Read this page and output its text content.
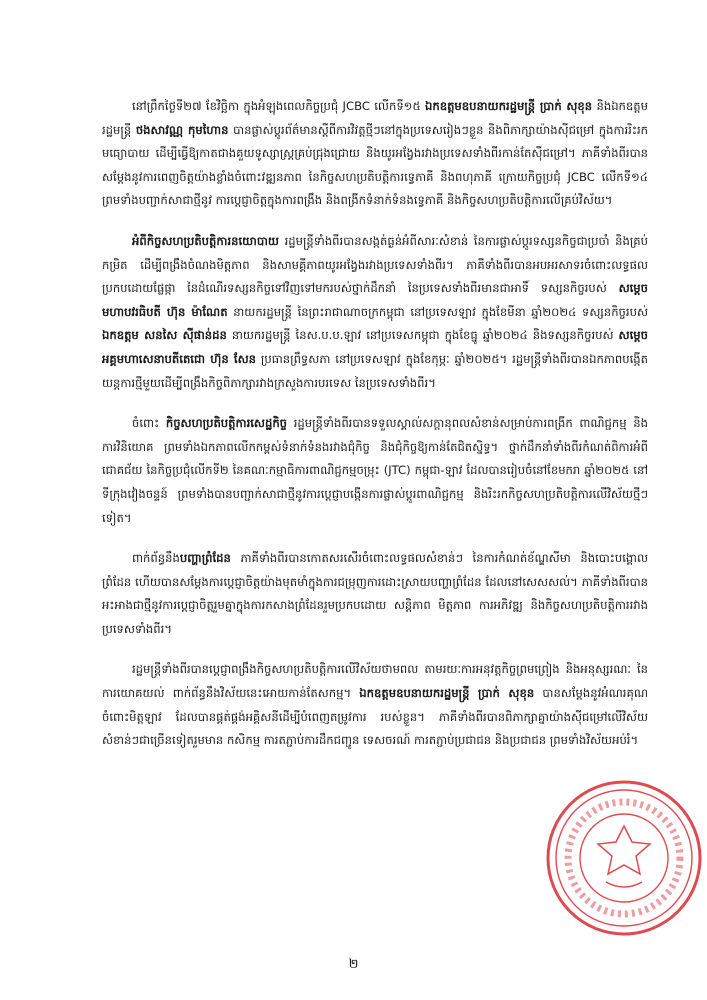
នៅព្រឹកថ្ងៃទី២៧ ខែវិច្ឆិកា ក្នុងអំឡុងពេលកិច្ចប្រជុំ JCBC លើកទី១៥ ឯកឧត្តមឧបនាយករដ្ឋមន្ត្រី ប្រាក់ សុខុន និងឯកឧត្តមរដ្ឋមន្ត្រី ថងសាវណ្ណ កុមហៃាន បានផ្លាស់ប្តូរព័ត៌មានស្តីពីការវិវត្តថ្មីៗនៅក្នុងប្រទេសរៀងៗខ្លួន និងពិភាក្សាយ៉ាងស៊ីជម្រៅ ក្នុងការរិះរកមធ្យោបាយ ដើម្បីធ្វើឱ្យកាតជាងគួយទូស្សាស្ត្រគ្រប់ជ្រុងជ្រោយ និងយូរអង្វែងរវាងប្រទេសទាំងពីរកាន់តែស៊ីជម្រៅ។ ភាគីទាំងពីរបានសម្តែងនូវការពេញចិត្តយ៉ាងខ្លាំងចំពោះវឌ្ឍនភាព នៃកិច្ចសហប្រតិបត្តិការទ្វេភាគី និងពហុភាគី ក្រោយកិច្ចប្រជុំ JCBC លើកទី១៤ ព្រមទាំងបញ្ជាក់សាជាថ្មីនូវ ការប្តេជ្ញាចិត្តក្នុងការពង្រឹង និងពង្រីកទំនាក់ទំនងទ្វេភាគី និងកិច្ចសហប្រតិបត្តិការលើគ្រប់វិស័យ។

អំពីកិច្ចសហប្រតិបត្តិការនយោបាយ រដ្ឋមន្ត្រីទាំងពីរបានសង្កត់ធ្ងន់អំពីសារៈសំខាន់ នៃការផ្លាស់ប្តូរទស្សនកិច្ចជាប្រចាំ និងគ្រប់កម្រិត ដើម្បីពង្រឹងចំណងមិត្តភាព និងសាមគ្គីភាពយូរអង្វែងរវាងប្រទេសទាំងពីរ។ ភាគីទាំងពីរបានអបអរសាទរចំពោះលទ្ធផលប្រកបដោយផ្លែផ្កា នៃដំណើរទស្សនកិច្ចទៅវិញទៅមករបស់ថ្នាក់ដឹកនាំ នៃប្រទេសទាំងពីរមានជាអាទិ៍ ទស្សនកិច្ចរបស់ សម្តេចមហាបវរធិបតី ហ៊ុន ម៉ាណែត នាយករដ្ឋមន្ត្រី នៃព្រះរាជាណាចក្រកម្ពុជា នៅប្រទេសឡាវ ក្នុងខែមីនា ឆ្នាំ២០២៤ ទស្សនកិច្ចរបស់ ឯកឧត្តម សនសៃ ស៊ីផាន់ដន នាយករដ្ឋមន្ត្រី នៃស.ប.ប.ឡាវ នៅប្រទេសកម្ពុជា ក្នុងខែធ្នូ ឆ្នាំ២០២៤ និងទស្សនកិច្ចរបស់ សម្តេចអគ្គមហាសេនាបតីតេជោ ហ៊ុន សែន ប្រធានព្រឹទ្ធសភា នៅប្រទេសឡាវ ក្នុងខែកុម្ភៈ ឆ្នាំ២០២៥។ រដ្ឋមន្ត្រីទាំងពីរបានឯកភាពបង្កើតយន្តការថ្មីមួយដើម្បីពង្រឹងកិច្ចពិភាក្សារវាងក្រសួងការបរទេស នៃប្រទេសទាំងពីរ។

ចំពោះ កិច្ចសហប្រតិបត្តិការសេដ្ឋកិច្ច រដ្ឋមន្ត្រីទាំងពីរបានទទួលស្គាល់សក្តានុពលសំខាន់សម្រាប់ការពង្រីក ពាណិជ្ជកម្ម និងការវិនិយោគ ព្រមទាំងឯកភាពលើកកម្ពស់ទំនាក់ទំនងរវាងជុំកិច្ច និងជុំកិច្ចឱ្យកាន់តែជិតស្និទ្ធ។ ថ្នាក់ដឹកនាំទាំងពីរកំណត់ពិការអំពីជោគជ័យ នៃកិច្ចប្រជុំលើកទី២ នៃគណៈកម្មាធិការពាណិជ្ជកម្មចម្រុះ (JTC) កម្ពុជា-ឡាវ ដែលបានរៀបចំនៅខែមករា ឆ្នាំ២០២៥ នៅទីក្រុងវៀងចន្ទន៍ ព្រមទាំងបានបញ្ជាក់សាជាថ្មីនូវការប្តេជ្ញាបង្កើនការផ្លាស់ប្តូរពាណិជ្ជកម្ម និងរិះរកកិច្ចសហប្រតិបត្តិការលើវិស័យថ្មីៗទៀត។

ពាក់ព័ន្ធនឹងបញ្ហាព្រំដែន ភាគីទាំងពីរបានកោតសរសើរចំពោះលទ្ធផលសំខាន់ៗ នៃការកំណត់ខ័ណ្ឌសីមា និងបោះបង្គោលព្រំដែន ហើយបានសម្តែងការប្តេជ្ញាចិត្តយ៉ាងមុតមាំក្នុងការជម្រុញការដោះស្រាយបញ្ហាព្រំដែន ដែលនៅសេសសល់។ ភាគីទាំងពីរបានអះអាងជាថ្មីនូវការប្តេជ្ញាចិត្តរួមគ្នាក្នុងការកសាងព្រំដែនរួមប្រកបដោយ សន្តិភាព មិត្តភាព ការអភិវឌ្ឍ និងកិច្ចសហប្រតិបត្តិការរវាងប្រទេសទាំងពីរ។

រដ្ឋមន្ត្រីទាំងពីរបានប្តេជ្ញាពង្រឹងកិច្ចសហប្រតិបត្តិការលើវិស័យថាមពល តាមរយៈការអនុវត្តកិច្ចព្រមព្រៀង និងអនុស្សរណៈ នៃការយោគយល់ ពាក់ព័ន្ធនឹងវិស័យនេះអោយកាន់តែសកម្ម។ ឯកឧត្តមឧបនាយករដ្ឋមន្ត្រី ប្រាក់ សុខុន បានសម្តែងនូវអំណរគុណចំពោះមិត្តឡាវ ដែលបានផ្គត់ផ្គង់អគ្គិសនីដើម្បីបំពេញតម្រូវការ របស់ខ្លួន។ ភាគីទាំងពីរបានពិភាក្សាគ្នាយ៉ាងស៊ីជម្រៅលើវិស័យសំខាន់ៗជាច្រើនទៀតរួមមាន កសិកម្ម ការតភ្ជាប់ការដឹកជញ្ជូន ទេសចរណ៍ ការតភ្ជាប់ប្រជាជន និងប្រជាជន ព្រមទាំងវិស័យអប់រំ។

២
